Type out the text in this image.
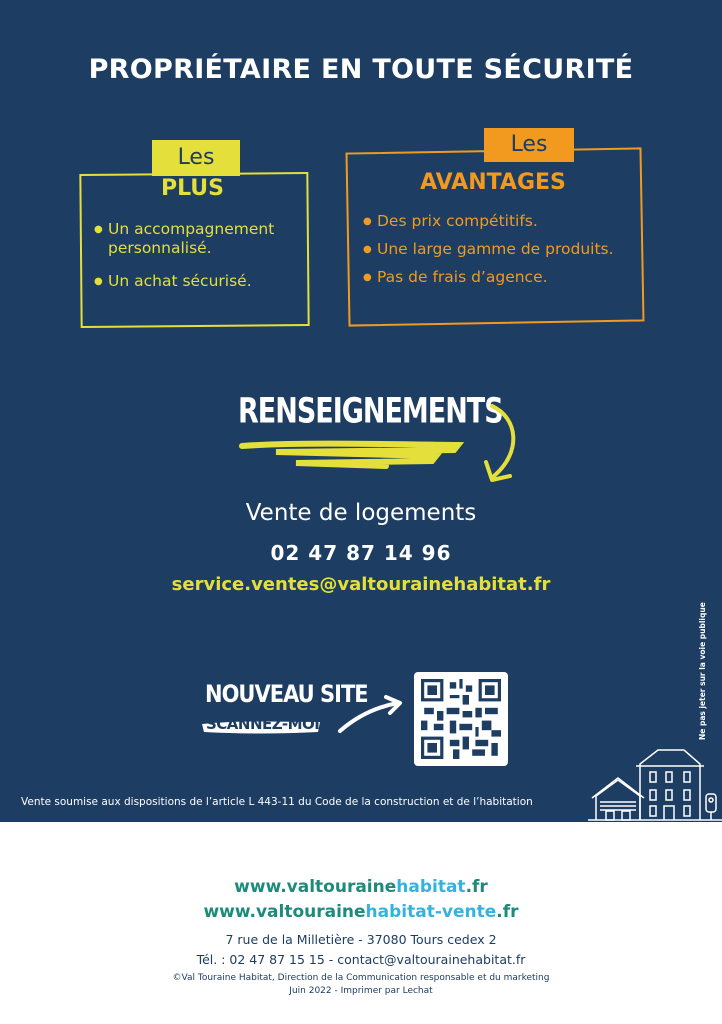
PROPRIÉTAIRE EN TOUTE SÉCURITÉ
Les
PLUS
● Un accompagnement personnalisé.
● Un achat sécurisé.
Les
AVANTAGES
● Des prix compétitifs.
● Une large gamme de produits.
● Pas de frais d’agence.
RENSEIGNEMENTS
Vente de logements
02 47 87 14 96
service.ventes@valtourainehabitat.fr
NOUVEAU SITE
SCANNEZ-MOI	Ne pas jeter sur la voie publique
Vente soumise aux dispositions de l’article L 443-11 du Code de la construction et de l’habitation
www.valtourainehabitat.fr
www.valtourainehabitat-vente.fr
7 rue de la Milletière - 37080 Tours cedex 2
Tél. : 02 47 87 15 15 - contact@valtourainehabitat.fr
©Val Touraine Habitat, Direction de la Communication responsable et du marketing
Juin 2022 - Imprimer par Lechat
